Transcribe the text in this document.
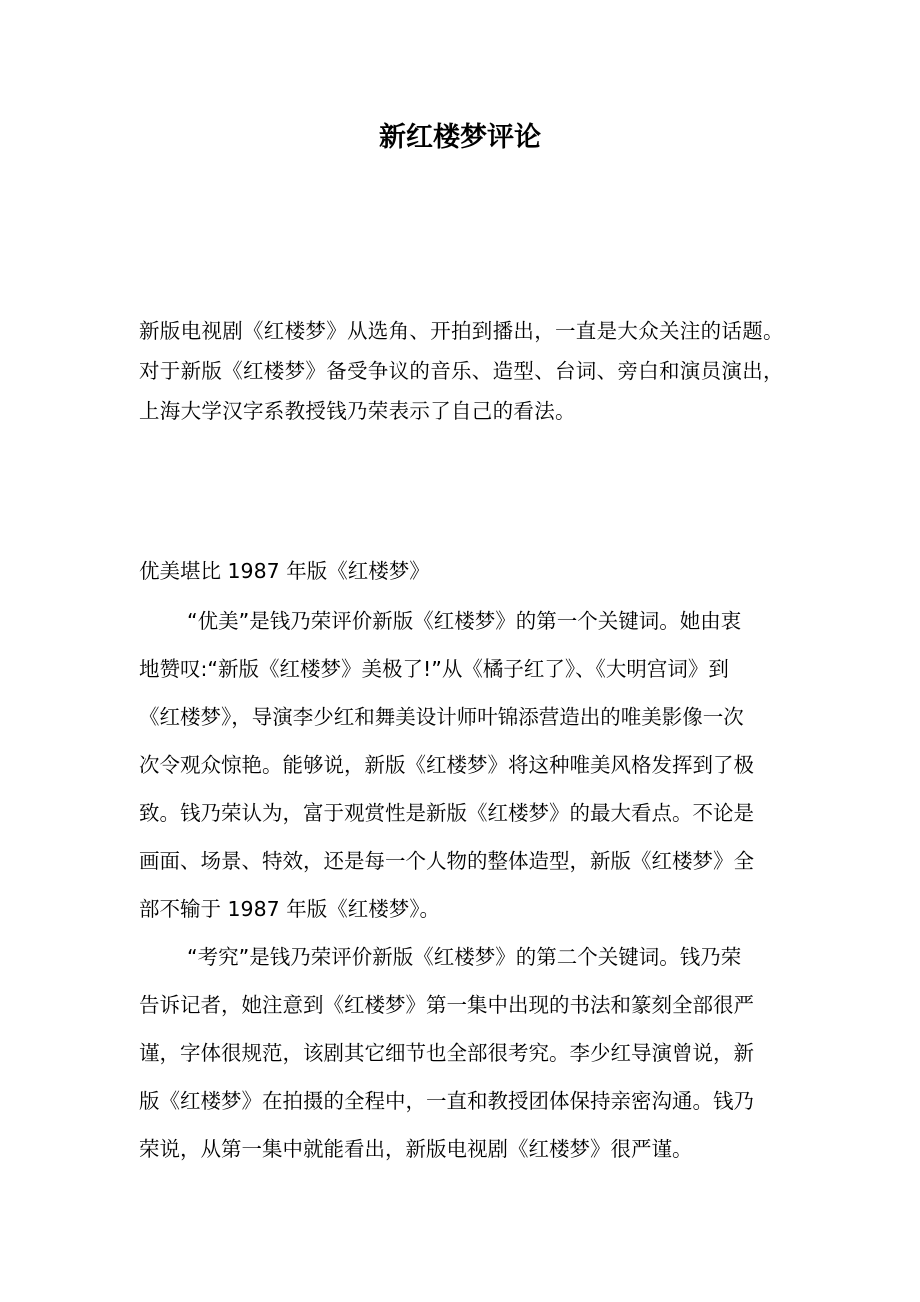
新红楼梦评论
新版电视剧《红楼梦》从选角、开拍到播出，一直是大众关注的话题。
对于新版《红楼梦》备受争议的音乐、造型、台词、旁白和演员演出，
上海大学汉字系教授钱乃荣表示了自己的看法。
优美堪比 1987 年版《红楼梦》
“优美”是钱乃荣评价新版《红楼梦》的第一个关键词。她由衷
地赞叹:“新版《红楼梦》美极了!”从《橘子红了》、《大明宫词》到
《红楼梦》，导演李少红和舞美设计师叶锦添营造出的唯美影像一次
次令观众惊艳。能够说，新版《红楼梦》将这种唯美风格发挥到了极
致。钱乃荣认为，富于观赏性是新版《红楼梦》的最大看点。不论是
画面、场景、特效，还是每一个人物的整体造型，新版《红楼梦》全
部不输于 1987 年版《红楼梦》。
“考究”是钱乃荣评价新版《红楼梦》的第二个关键词。钱乃荣
告诉记者，她注意到《红楼梦》第一集中出现的书法和篆刻全部很严
谨，字体很规范，该剧其它细节也全部很考究。李少红导演曾说，新
版《红楼梦》在拍摄的全程中，一直和教授团体保持亲密沟通。钱乃
荣说，从第一集中就能看出，新版电视剧《红楼梦》很严谨。
